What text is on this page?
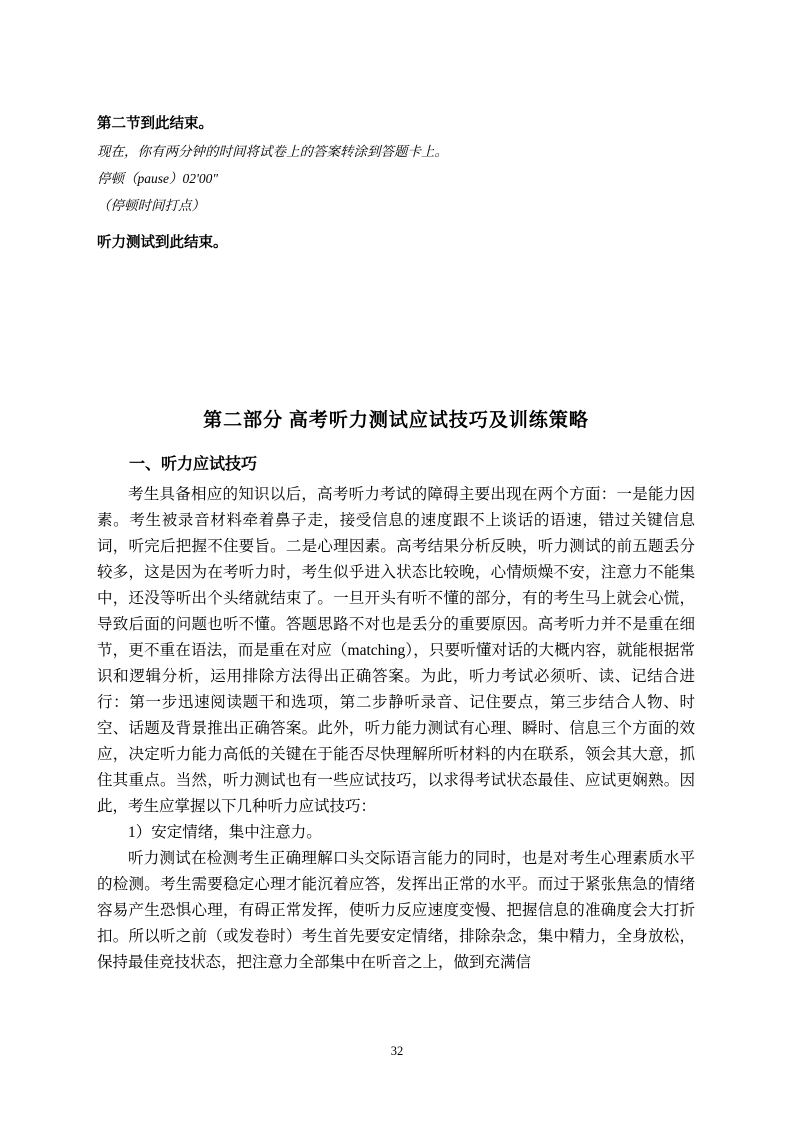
第二节到此结束。

现在，你有两分钟的时间将试卷上的答案转涂到答题卡上。

停顿（pause）02'00"

（停顿时间打点）

听力测试到此结束。

第二部分 高考听力测试应试技巧及训练策略
一、听力应试技巧

考生具备相应的知识以后，高考听力考试的障碍主要出现在两个方面：一是能力因素。考生被录音材料牵着鼻子走，接受信息的速度跟不上谈话的语速，错过关键信息词，听完后把握不住要旨。二是心理因素。高考结果分析反映，听力测试的前五题丢分较多，这是因为在考听力时，考生似乎进入状态比较晚，心情烦燥不安，注意力不能集中，还没等听出个头绪就结束了。一旦开头有听不懂的部分，有的考生马上就会心慌，导致后面的问题也听不懂。答题思路不对也是丢分的重要原因。高考听力并不是重在细节，更不重在语法，而是重在对应（matching），只要听懂对话的大概内容，就能根据常识和逻辑分析，运用排除方法得出正确答案。为此，听力考试必须听、读、记结合进行：第一步迅速阅读题干和选项，第二步静听录音、记住要点，第三步结合人物、时空、话题及背景推出正确答案。此外，听力能力测试有心理、瞬时、信息三个方面的效应，决定听力能力高低的关键在于能否尽快理解所听材料的内在联系，领会其大意，抓住其重点。当然，听力测试也有一些应试技巧，以求得考试状态最佳、应试更娴熟。因此，考生应掌握以下几种听力应试技巧：

1）安定情绪，集中注意力。

听力测试在检测考生正确理解口头交际语言能力的同时，也是对考生心理素质水平的检测。考生需要稳定心理才能沉着应答，发挥出正常的水平。而过于紧张焦急的情绪容易产生恐惧心理，有碍正常发挥，使听力反应速度变慢、把握信息的准确度会大打折扣。所以听之前（或发卷时）考生首先要安定情绪，排除杂念，集中精力，全身放松，保持最佳竞技状态，把注意力全部集中在听音之上，做到充满信

32
